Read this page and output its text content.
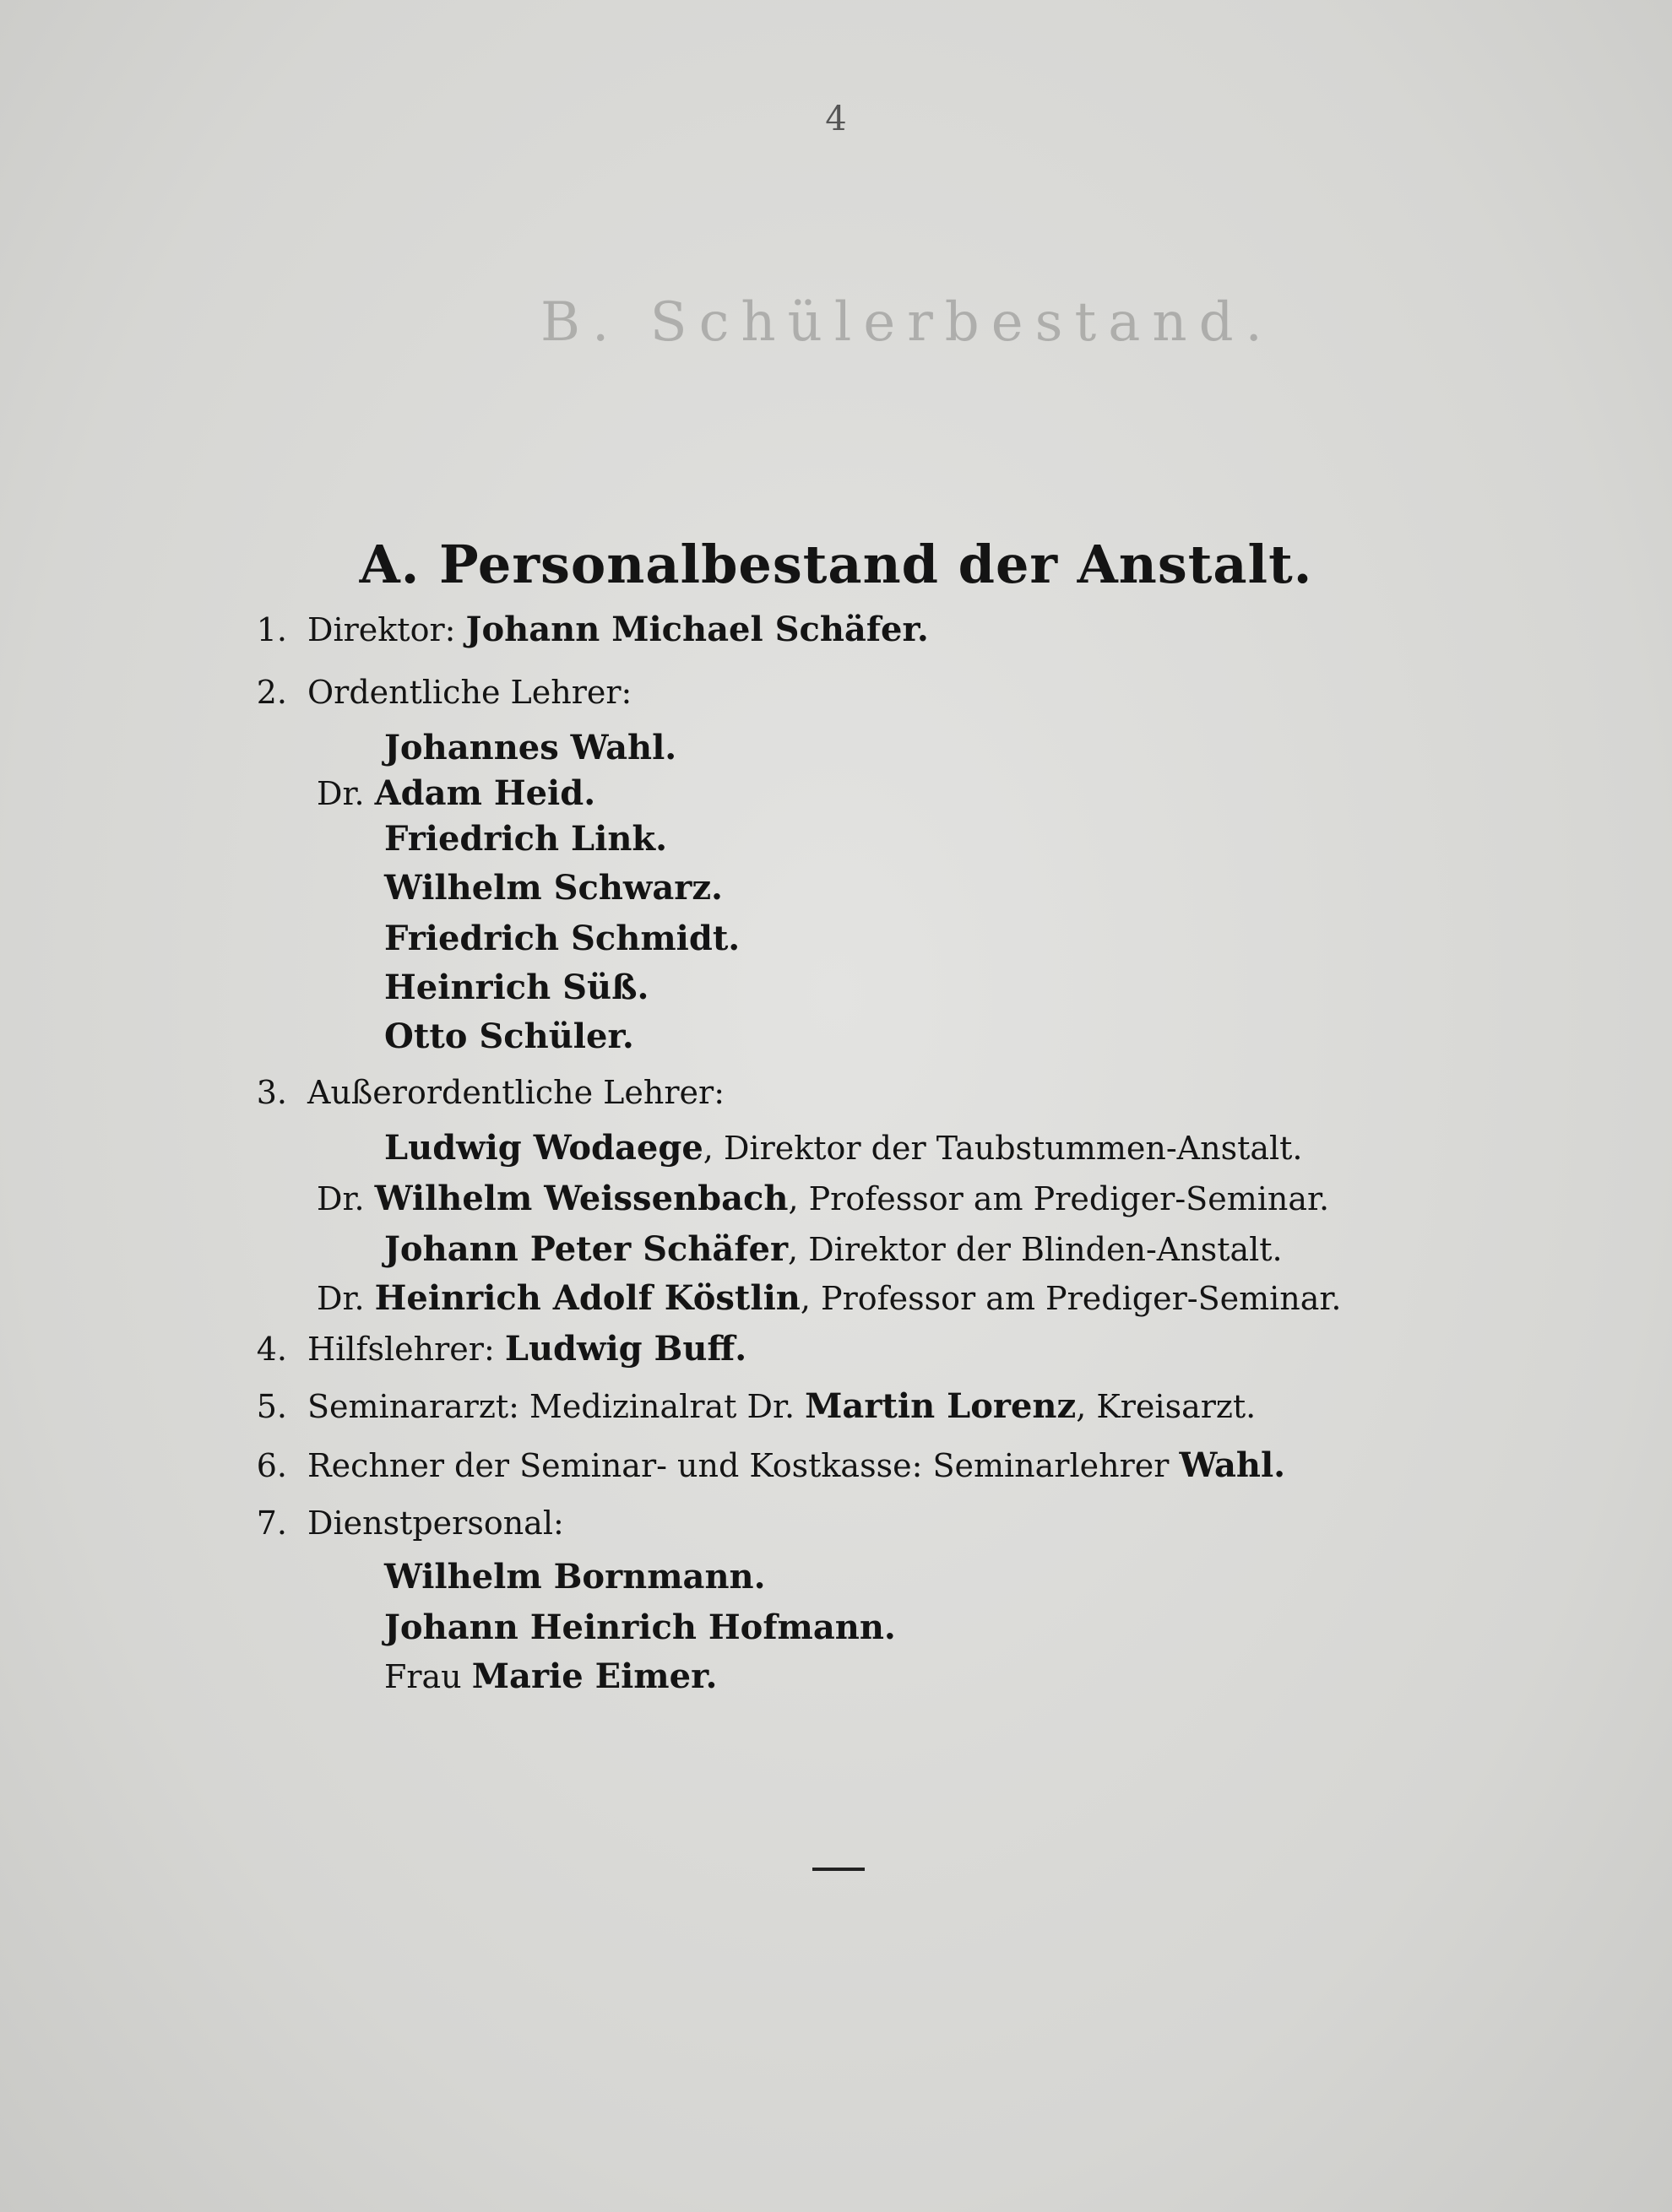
B. Schülerbestand.
4
A. Personalbestand der Anstalt.
1. Direktor: Johann Michael Schäfer.
2. Ordentliche Lehrer:
Johannes Wahl.
Dr. Adam Heid.
Friedrich Link.
Wilhelm Schwarz.
Friedrich Schmidt.
Heinrich Süß.
Otto Schüler.
3. Außerordentliche Lehrer:
Ludwig Wodaege, Direktor der Taubstummen-Anstalt.
Dr. Wilhelm Weissenbach, Professor am Prediger-Seminar.
Johann Peter Schäfer, Direktor der Blinden-Anstalt.
Dr. Heinrich Adolf Köstlin, Professor am Prediger-Seminar.
4. Hilfslehrer: Ludwig Buff.
5. Seminararzt: Medizinalrat Dr. Martin Lorenz, Kreisarzt.
6. Rechner der Seminar- und Kostkasse: Seminarlehrer Wahl.
7. Dienstpersonal:
Wilhelm Bornmann.
Johann Heinrich Hofmann.
Frau Marie Eimer.
